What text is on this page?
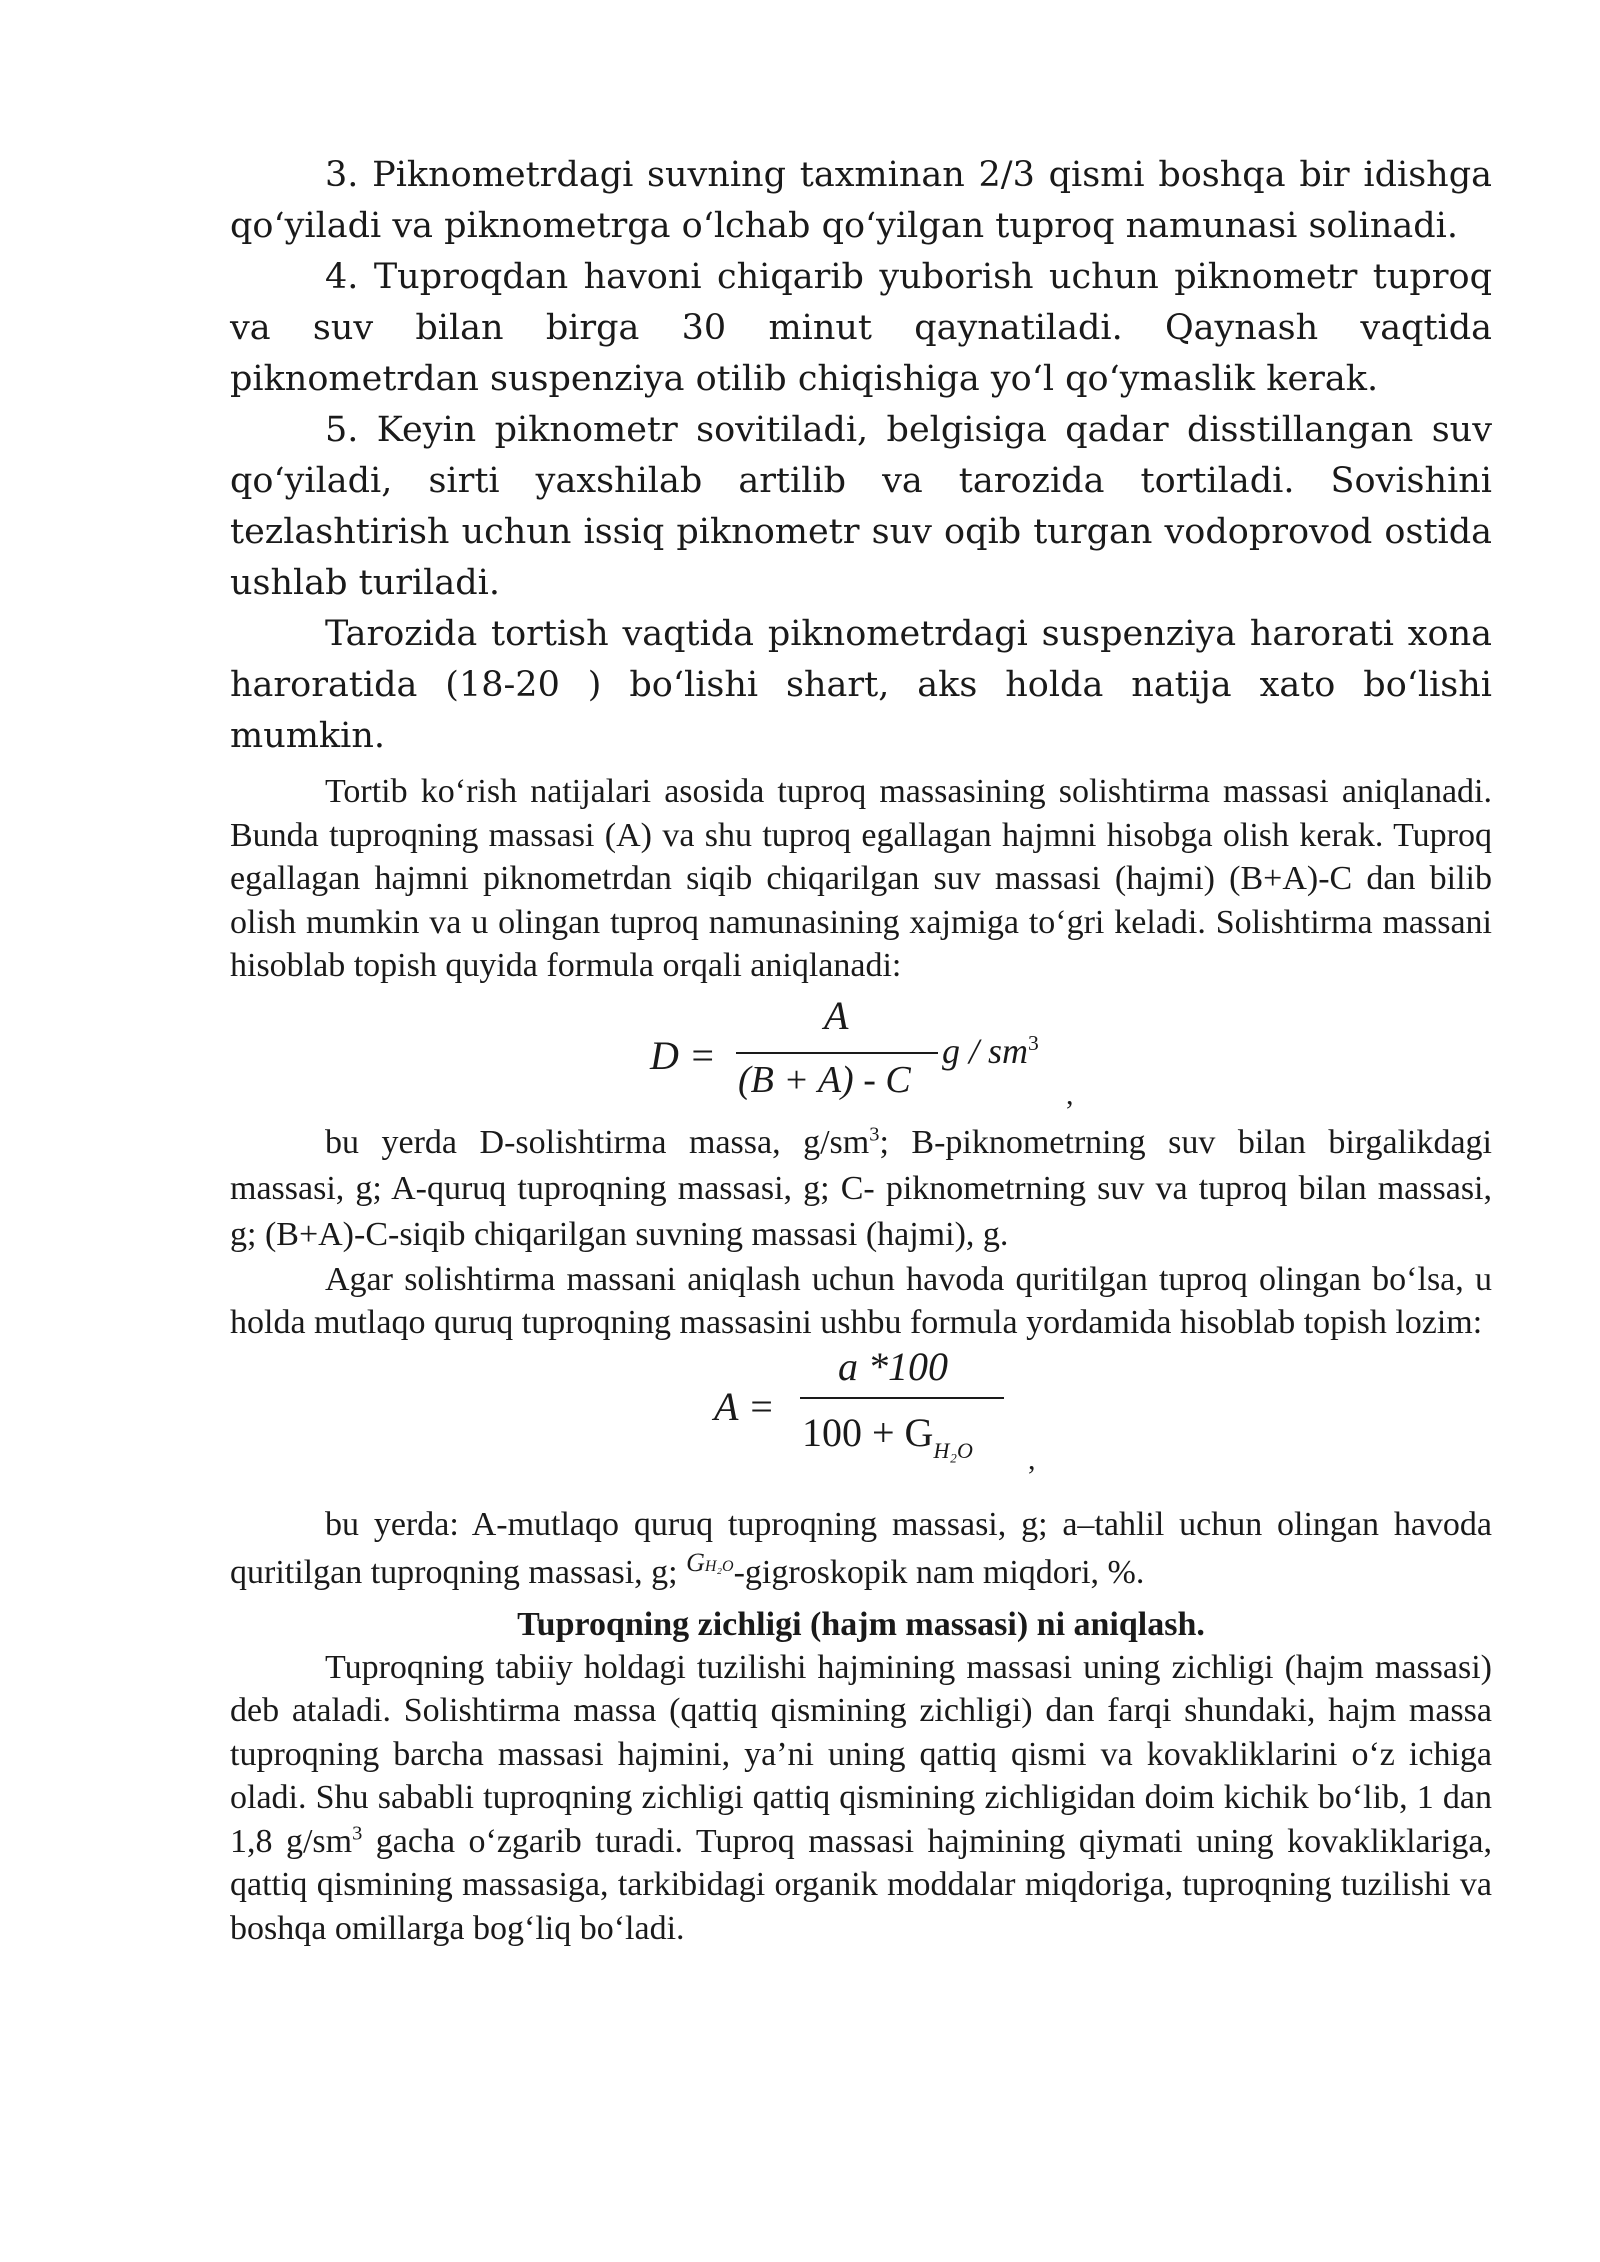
3. Piknometrdagi suvning taxminan 2/3 qismi boshqa bir idishga qo‘yiladi va piknometrga o‘lchab qo‘yilgan tuproq namunasi solinadi.

4. Tuproqdan havoni chiqarib yuborish uchun piknometr tuproq va suv bilan birga 30 minut qaynatiladi. Qaynash vaqtida piknometrdan suspenziya otilib chiqishiga yo‘l qo‘ymaslik kerak.

5. Keyin piknometr sovitiladi, belgisiga qadar disstillangan suv qo‘yiladi, sirti yaxshilab artilib va tarozida tortiladi. Sovishini tezlashtirish uchun issiq piknometr suv oqib turgan vodoprovod ostida ushlab turiladi.

Tarozida tortish vaqtida piknometrdagi suspenziya harorati xona haroratida (18-20 ) bo‘lishi shart, aks holda natija xato bo‘lishi mumkin.

Tortib ko‘rish natijalari asosida tuproq massasining solishtirma massasi aniqlanadi. Bunda tuproqning massasi (A) va shu tuproq egallagan hajmni hisobga olish kerak. Tuproq egallagan hajmni piknometrdan siqib chiqarilgan suv massasi (hajmi) (B+A)-C dan bilib olish mumkin va u olingan tuproq namunasining xajmiga to‘gri keladi. Solishtirma massani hisoblab topish quyida formula orqali aniqlanadi:

D =
A
(B + A) - C
g / $sm^3$
,

bu yerda D-solishtirma massa, $g/sm^3$; B-piknometrning suv bilan birgalikdagi massasi, g; A-quruq tuproqning massasi, g; C- piknometrning suv va tuproq bilan massasi, g; (B+A)-C-siqib chiqarilgan suvning massasi (hajmi), g.

Agar solishtirma massani aniqlash uchun havoda quritilgan tuproq olingan bo‘lsa, u holda mutlaqo quruq tuproqning massasini ushbu formula yordamida hisoblab topish lozim:

A =
a *100
$100 + G_{H_2O}$ ,

bu yerda: A-mutlaqo quruq tuproqning massasi, g; a–tahlil uchun olingan havoda quritilgan tuproqning massasi, g; $^{GH_2O}$-gigroskopik nam miqdori, %.

Tuproqning zichligi (hajm massasi) ni aniqlash.

Tuproqning tabiiy holdagi tuzilishi hajmining massasi uning zichligi (hajm massasi) deb ataladi. Solishtirma massa (qattiq qismining zichligi) dan farqi shundaki, hajm massa tuproqning barcha massasi hajmini, ya’ni uning qattiq qismi va kovakliklarini o‘z ichiga oladi. Shu sababli tuproqning zichligi qattiq qismining zichligidan doim kichik bo‘lib, 1 dan 1,8 $g/sm^3$ gacha o‘zgarib turadi. Tuproq massasi hajmining qiymati uning kovakliklariga, qattiq qismining massasiga, tarkibidagi organik moddalar miqdoriga, tuproqning tuzilishi va boshqa omillarga bog‘liq bo‘ladi.
